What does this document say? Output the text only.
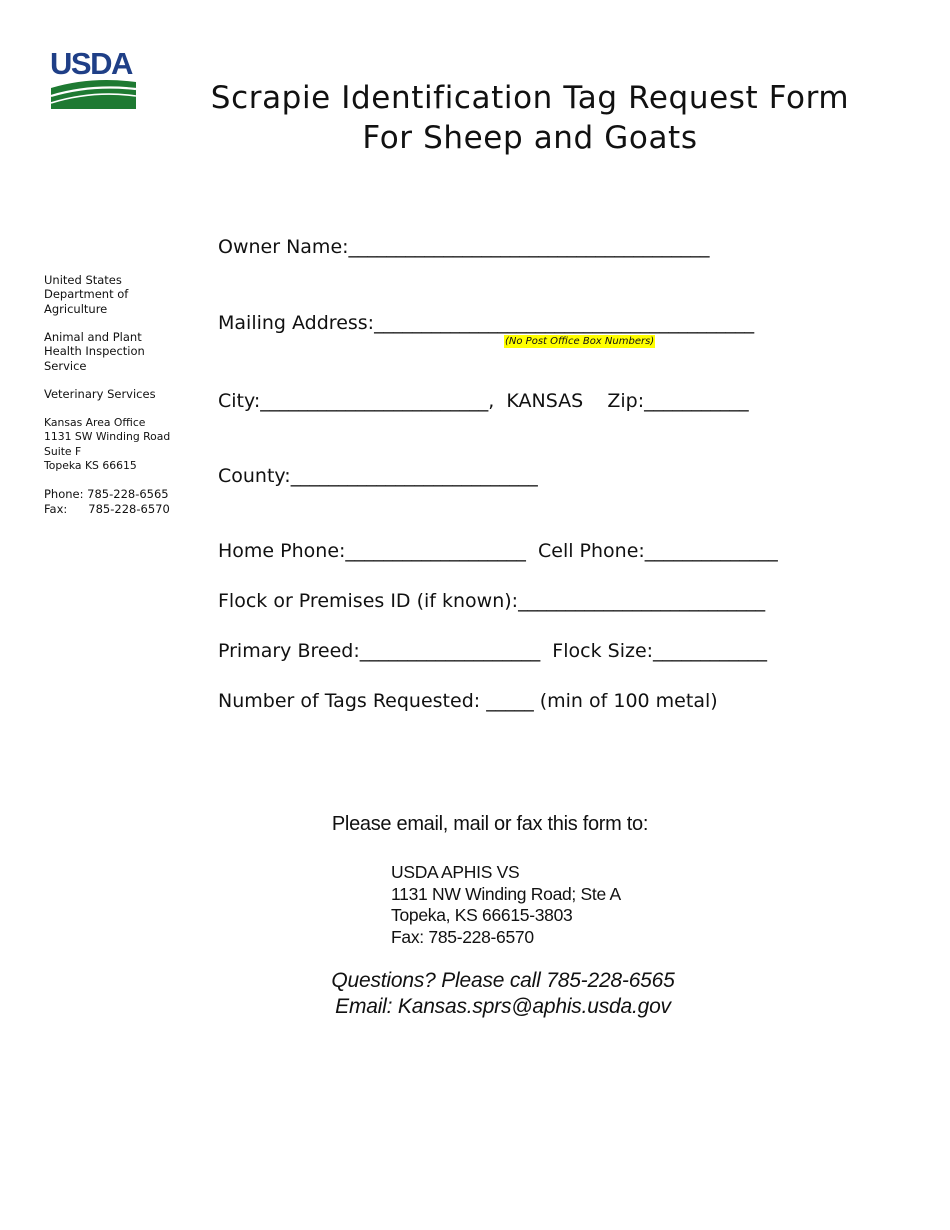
USDA
Scrapie Identification Tag Request Form
For Sheep and Goats
United States
Department of
Agriculture
Animal and Plant
Health Inspection
Service
Veterinary Services
Kansas Area Office
1131 SW Winding Road
Suite F
Topeka KS 66615
Phone: 785-228-6565
Fax: 785-228-6570
Owner Name:______________________________________
Mailing Address:________________________________________
(No Post Office Box Numbers)
City:________________________,  KANSAS    Zip:___________
County:__________________________
Home Phone:___________________  Cell Phone:______________
Flock or Premises ID (if known):__________________________
Primary Breed:___________________  Flock Size:____________
Number of Tags Requested: _____ (min of 100 metal)
Please email, mail or fax this form to:
USDA APHIS VS
1131 NW Winding Road; Ste A
Topeka, KS 66615-3803
Fax: 785-228-6570
Questions? Please call 785-228-6565
Email: Kansas.sprs@aphis.usda.gov
